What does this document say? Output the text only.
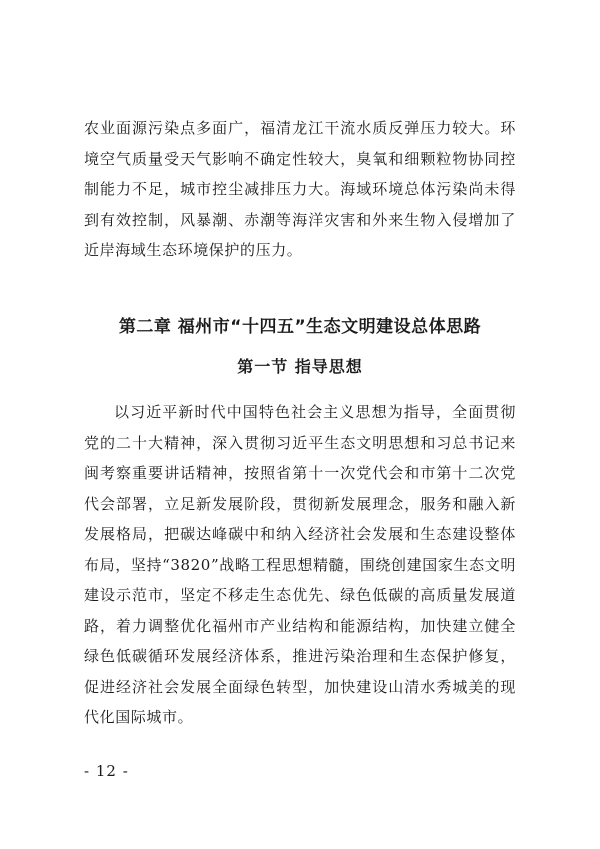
农业面源污染点多面广，福清龙江干流水质反弹压力较大。环境空气质量受天气影响不确定性较大，臭氧和细颗粒物协同控制能力不足，城市控尘减排压力大。海域环境总体污染尚未得到有效控制，风暴潮、赤潮等海洋灾害和外来生物入侵增加了近岸海域生态环境保护的压力。

第二章 福州市“十四五”生态文明建设总体思路
第一节 指导思想

以习近平新时代中国特色社会主义思想为指导，全面贯彻党的二十大精神，深入贯彻习近平生态文明思想和习总书记来闽考察重要讲话精神，按照省第十一次党代会和市第十二次党代会部署，立足新发展阶段，贯彻新发展理念，服务和融入新发展格局，把碳达峰碳中和纳入经济社会发展和生态建设整体布局，坚持“3820”战略工程思想精髓，围绕创建国家生态文明建设示范市，坚定不移走生态优先、绿色低碳的高质量发展道路，着力调整优化福州市产业结构和能源结构，加快建立健全绿色低碳循环发展经济体系，推进污染治理和生态保护修复，促进经济社会发展全面绿色转型，加快建设山清水秀城美的现代化国际城市。

- 12 -
